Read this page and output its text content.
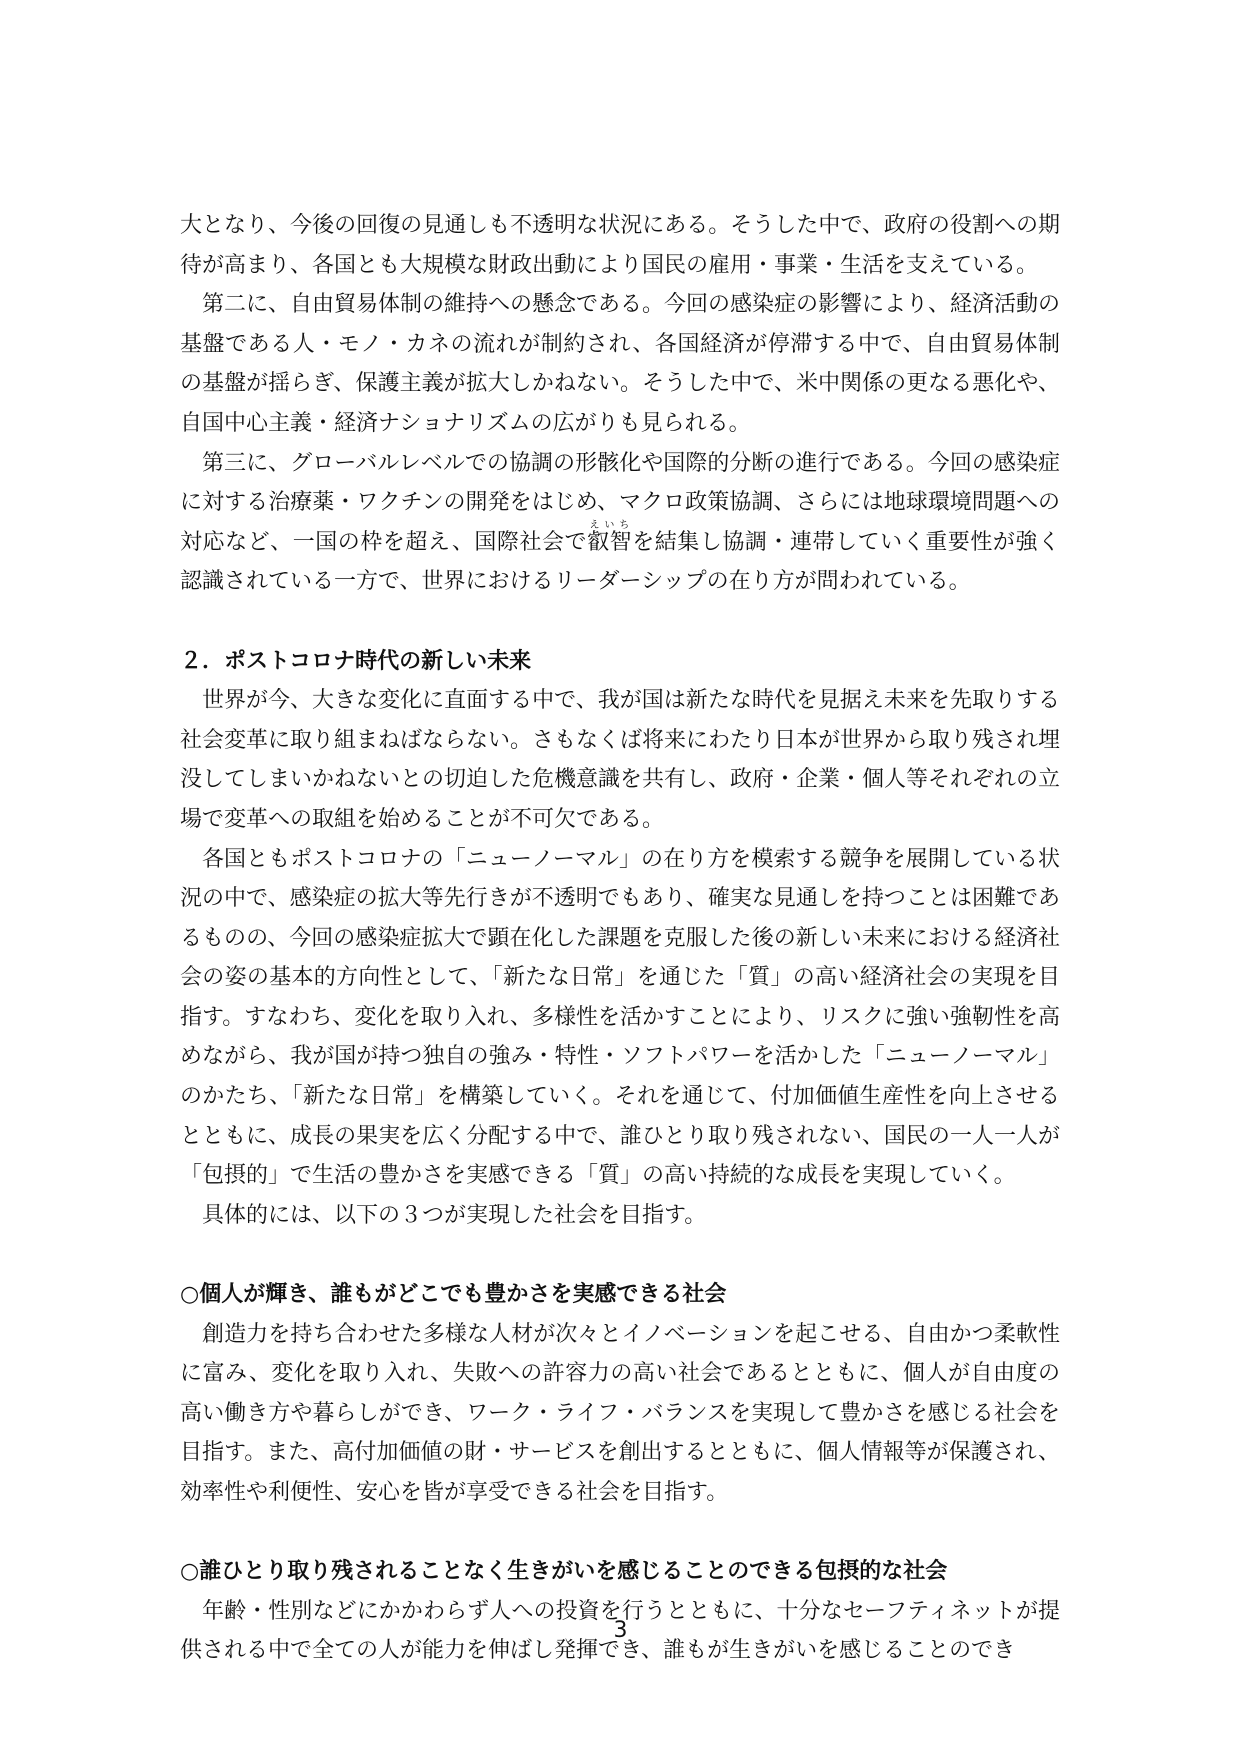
大となり、今後の回復の見通しも不透明な状況にある。そうした中で、政府の役割への期待が高まり、各国とも大規模な財政出動により国民の雇用・事業・生活を支えている。

第二に、自由貿易体制の維持への懸念である。今回の感染症の影響により、経済活動の基盤である人・モノ・カネの流れが制約され、各国経済が停滞する中で、自由貿易体制の基盤が揺らぎ、保護主義が拡大しかねない。そうした中で、米中関係の更なる悪化や、自国中心主義・経済ナショナリズムの広がりも見られる。

第三に、グローバルレベルでの協調の形骸化や国際的分断の進行である。今回の感染症に対する治療薬・ワクチンの開発をはじめ、マクロ政策協調、さらには地球環境問題への対応など、一国の枠を超え、国際社会で叡智えいちを結集し協調・連帯していく重要性が強く認識されている一方で、世界におけるリーダーシップの在り方が問われている。

２．ポストコロナ時代の新しい未来

世界が今、大きな変化に直面する中で、我が国は新たな時代を見据え未来を先取りする社会変革に取り組まねばならない。さもなくば将来にわたり日本が世界から取り残され埋没してしまいかねないとの切迫した危機意識を共有し、政府・企業・個人等それぞれの立場で変革への取組を始めることが不可欠である。

各国ともポストコロナの「ニューノーマル」の在り方を模索する競争を展開している状況の中で、感染症の拡大等先行きが不透明でもあり、確実な見通しを持つことは困難であるものの、今回の感染症拡大で顕在化した課題を克服した後の新しい未来における経済社会の姿の基本的方向性として、「新たな日常」を通じた「質」の高い経済社会の実現を目指す。すなわち、変化を取り入れ、多様性を活かすことにより、リスクに強い強靭性を高めながら、我が国が持つ独自の強み・特性・ソフトパワーを活かした「ニューノーマル」のかたち、「新たな日常」を構築していく。それを通じて、付加価値生産性を向上させるとともに、成長の果実を広く分配する中で、誰ひとり取り残されない、国民の一人一人が「包摂的」で生活の豊かさを実感できる「質」の高い持続的な成長を実現していく。

具体的には、以下の３つが実現した社会を目指す。

○個人が輝き、誰もがどこでも豊かさを実感できる社会

創造力を持ち合わせた多様な人材が次々とイノベーションを起こせる、自由かつ柔軟性に富み、変化を取り入れ、失敗への許容力の高い社会であるとともに、個人が自由度の高い働き方や暮らしができ、ワーク・ライフ・バランスを実現して豊かさを感じる社会を目指す。また、高付加価値の財・サービスを創出するとともに、個人情報等が保護され、効率性や利便性、安心を皆が享受できる社会を目指す。

○誰ひとり取り残されることなく生きがいを感じることのできる包摂的な社会

年齢・性別などにかかわらず人への投資を行うとともに、十分なセーフティネットが提供される中で全ての人が能力を伸ばし発揮でき、誰もが生きがいを感じることのでき

3
